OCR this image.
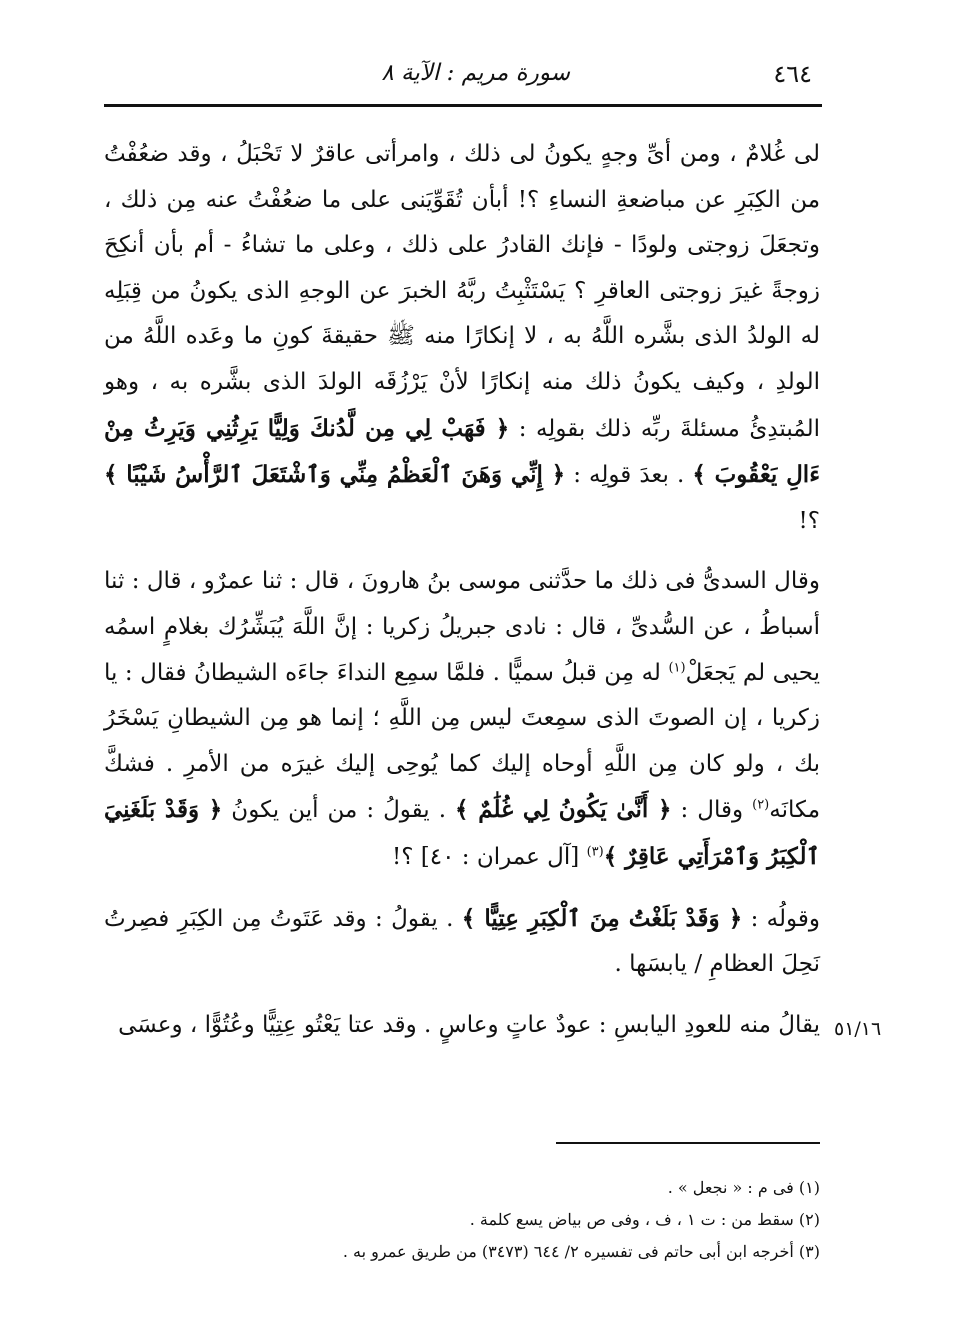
٤٦٤
سورة مريم : الآية ٨

لى غُلامٌ ، ومن أىِّ وجهٍ يكونُ لى ذلك ، وامرأتى عاقرٌ لا تَحْبَلُ ، وقد ضعُفْتُ من الكِبَرِ عن مباضعةِ النساءِ ؟! أبأن تُقَوِّيَنى على ما ضعُفْتُ عنه مِن ذلك ، وتجعَلَ زوجتى ولودًا - فإنك القادرُ على ذلك ، وعلى ما تشاءُ - أم بأن أنكِحَ زوجةً غيرَ زوجتى العاقرِ ؟ يَسْتَثْبِتُ ربَّهُ الخبرَ عن الوجهِ الذى يكونُ من قِبَلِه له الولدُ الذى بشَّره اللَّهُ به ، لا إنكارًا منه ﷺ حقيقةَ كونِ ما وعَده اللَّهُ من الولدِ ، وكيف يكونُ ذلك منه إنكارًا لأنْ يَرْزُقَه الولدَ الذى بشَّره به ، وهو المُبتدِئُ مسئلةَ ربِّه ذلك بقولِه : ﴿ فَهَبْ لِي مِن لَّدُنكَ وَلِيًّا يَرِثُنِي وَيَرِثُ مِنْ ءَالِ يَعْقُوبَ ﴾ . بعدَ قولِه : ﴿ إِنِّي وَهَنَ ٱلْعَظْمُ مِنِّي وَٱشْتَعَلَ ٱلرَّأْسُ شَيْبًا ﴾ ؟!

وقال السدىُّ فى ذلك ما حدَّثنى موسى بنُ هارونَ ، قال : ثنا عمرٌو ، قال : ثنا أسباطُ ، عن السُّدىِّ ، قال : نادى جبريلُ زكريا : إنَّ اللَّهَ يُبَشِّرُك بغلامٍ اسمُه يحيى لم يَجعَلْ$^{(١)}$ له مِن قبلُ سميًّا . فلمَّا سمِع النداءَ جاءَه الشيطانُ فقال : يا زكريا ، إن الصوتَ الذى سمِعتَ ليس مِن اللَّهِ ؛ إنما هو مِن الشيطانِ يَسْخَرُ بك ، ولو كان مِن اللَّهِ أوحاه إليك كما يُوحِى إليك غيرَه من الأمرِ . فشكَّ مكانَه$^{(٢)}$ وقال : ﴿ أَنَّىٰ يَكُونُ لِي غُلَٰمٌ ﴾ . يقولُ : من أين يكونُ ﴿ وَقَدْ بَلَغَنِيَ ٱلْكِبَرُ وَٱمْرَأَتِي عَاقِرٌ ﴾$^{(٣)}$ [آل عمران : ٤٠] ؟!

وقولُه : ﴿ وَقَدْ بَلَغْتُ مِنَ ٱلْكِبَرِ عِتِيًّا ﴾ . يقولُ : وقد عَتَوتُ مِن الكِبَرِ فصِرتُ نَحِلَ العظامِ / يابسَها .

يقالُ منه للعودِ اليابسِ : عودٌ عاتٍ وعاسٍ . وقد عتا يَعْتُو عِتِيًّا وعُتُوًّا ، وعسَى ٥١/١٦

(١) فى م : « نجعل » .

(٢) سقط من : ت ١ ، ف ، وفى ص بياض يسع كلمة .

(٣) أخرجه ابن أبى حاتم فى تفسيره ٢/ ٦٤٤ (٣٤٧٣) من طريق عمرو به .
